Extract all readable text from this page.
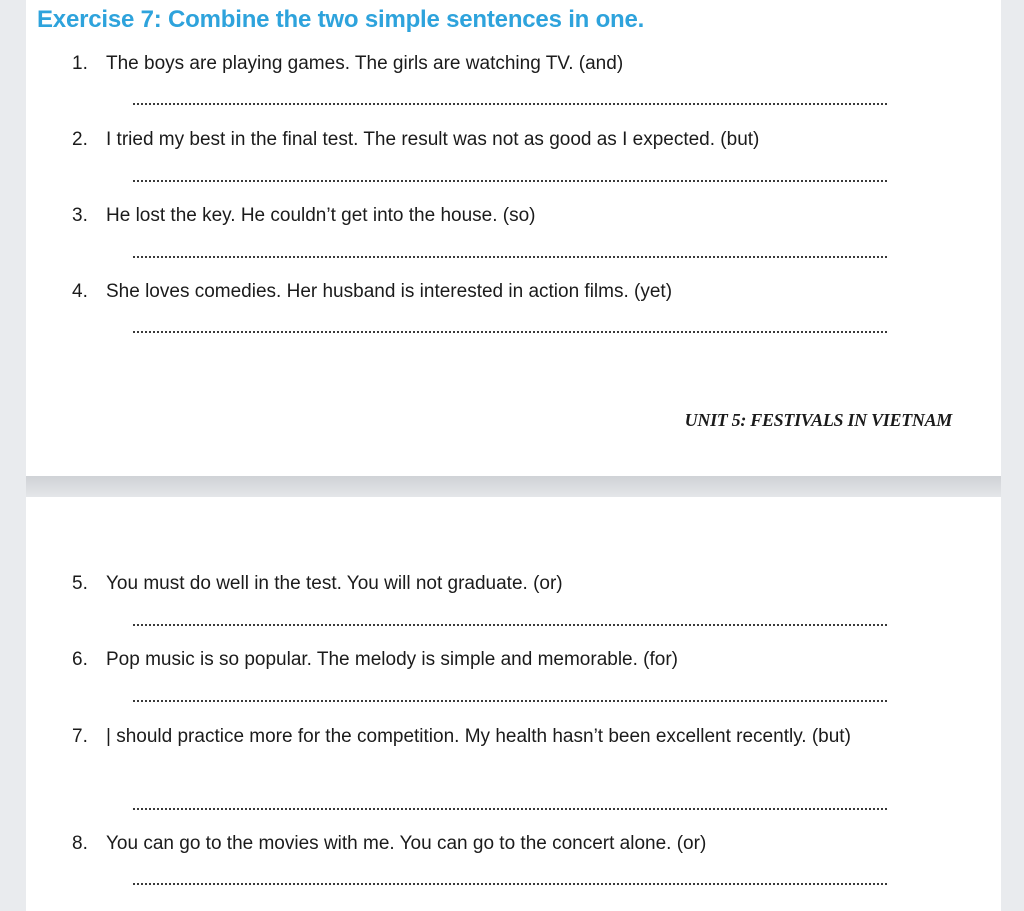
Exercise 7: Combine the two simple sentences in one.
1. The boys are playing games. The girls are watching TV. (and)
2. I tried my best in the final test. The result was not as good as I expected. (but)
3. He lost the key. He couldn’t get into the house. (so)
4. She loves comedies. Her husband is interested in action films. (yet)
UNIT 5: FESTIVALS IN VIETNAM
5. You must do well in the test. You will not graduate. (or)
6. Pop music is so popular. The melody is simple and memorable. (for)
7. | should practice more for the competition. My health hasn’t been excellent recently. (but)
8. You can go to the movies with me. You can go to the concert alone. (or)
